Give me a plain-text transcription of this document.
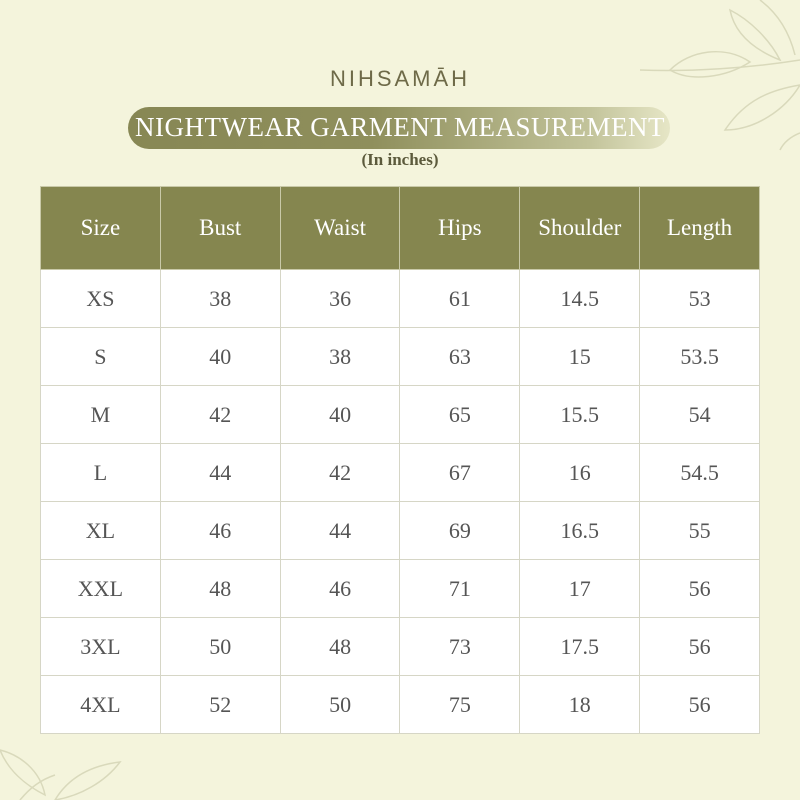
NIHSAMĀH
NIGHTWEAR GARMENT MEASUREMENT
(In inches)
Size	Bust	Waist	Hips	Shoulder	Length
XS	38	36	61	14.5	53
S	40	38	63	15	53.5
M	42	40	65	15.5	54
L	44	42	67	16	54.5
XL	46	44	69	16.5	55
XXL	48	46	71	17	56
3XL	50	48	73	17.5	56
4XL	52	50	75	18	56
